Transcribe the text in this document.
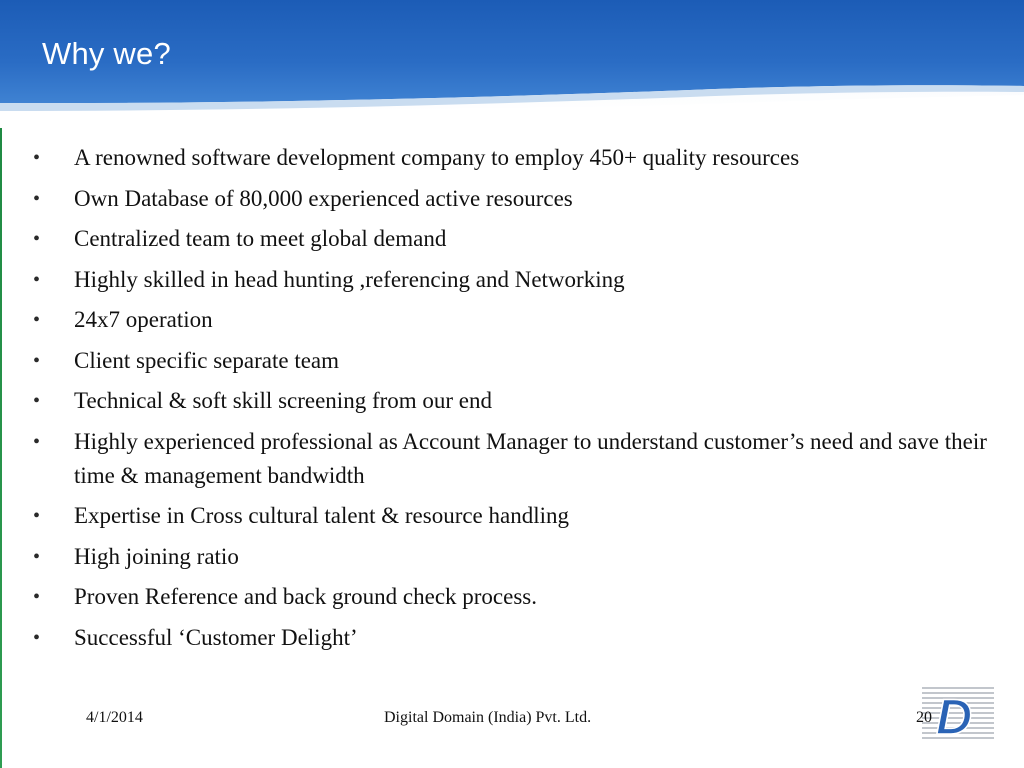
Why we?
• A renowned software development company to employ 450+ quality resources
• Own Database of 80,000 experienced active resources
• Centralized team to meet global demand
• Highly skilled in head hunting ,referencing and Networking
• 24x7 operation
• Client specific separate team
• Technical & soft skill screening from our end
• Highly experienced professional as Account Manager to understand customer’s need and save their time & management bandwidth
• Expertise in Cross cultural talent & resource handling
• High joining ratio
• Proven Reference and back ground check process.
• Successful ‘Customer Delight’
4/1/2014	Digital Domain (India) Pvt. Ltd.	D
20
